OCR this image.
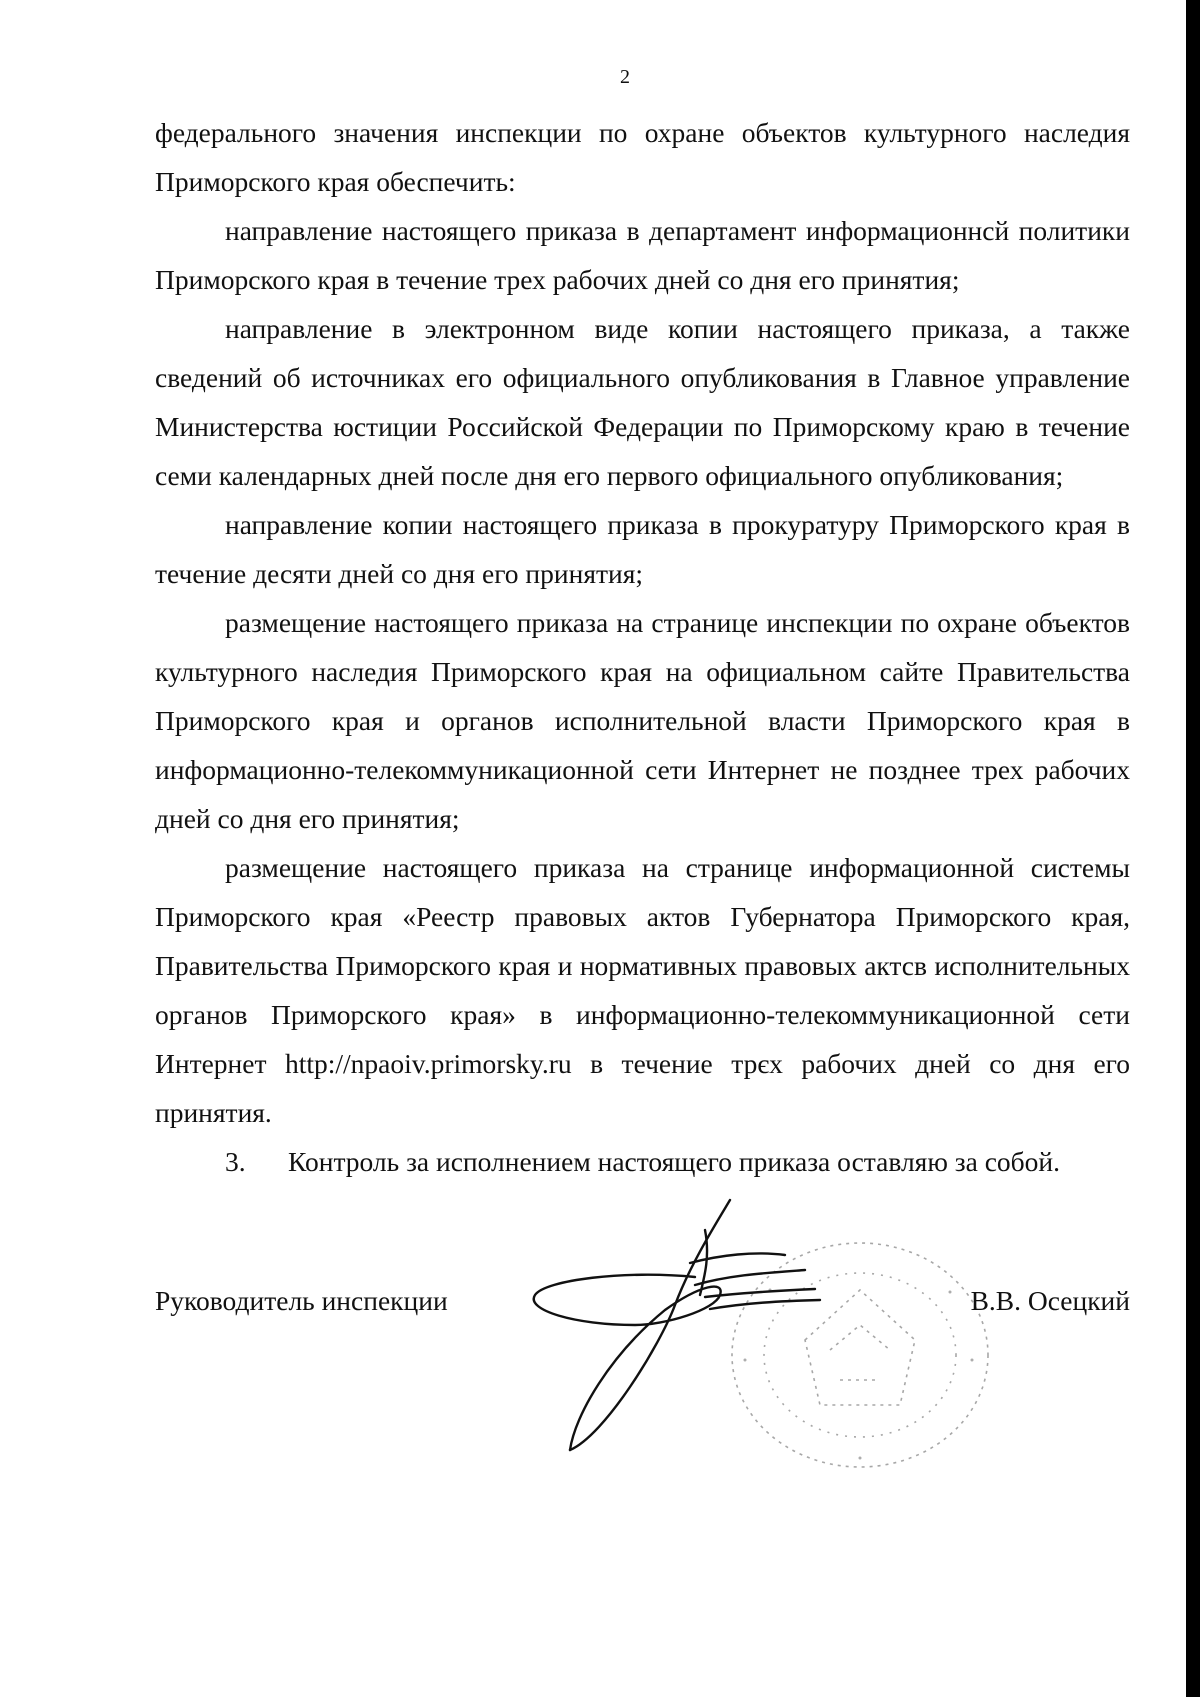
2

федерального значения инспекции по охране объектов культурного наследия Приморского края обеспечить:

направление настоящего приказа в департамент информационнсй политики Приморского края в течение трех рабочих дней со дня его принятия;

направление в электронном виде копии настоящего приказа, а также сведений об источниках его официального опубликования в Главное управление Министерства юстиции Российской Федерации по Приморскому краю в течение семи календарных дней после дня его первого официального опубликования;

направление копии настоящего приказа в прокуратуру Приморского края в течение десяти дней со дня его принятия;

размещение настоящего приказа на странице инспекции по охране объектов культурного наследия Приморского края на официальном сайте Правительства Приморского края и органов исполнительной власти Приморского края в информационно-телекоммуникационной сети Интернет не позднее трех рабочих дней со дня его принятия;

размещение настоящего приказа на странице информационной системы Приморского края «Реестр правовых актов Губернатора Приморского края, Правительства Приморского края и нормативных правовых актсв исполнительных органов Приморского края» в информационно-телекоммуникационной сети Интернет http://npaoiv.primorsky.ru в течение трєх рабочих дней со дня его принятия.

3. Контроль за исполнением настоящего приказа оставляю за собой.

Руководитель инспекции	В.В. Осецкий
